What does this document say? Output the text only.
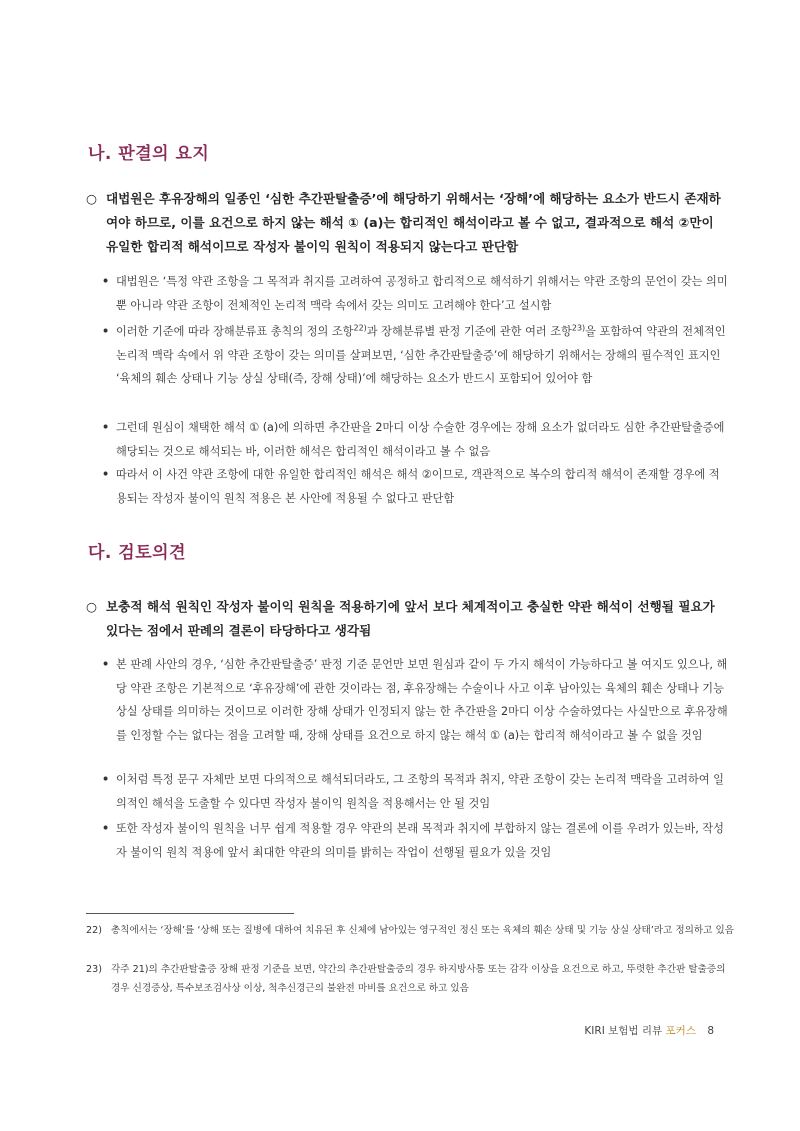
나. 판결의 요지
○ 대법원은 후유장해의 일종인 ‘심한 추간판탈출증’에 해당하기 위해서는 ‘장해’에 해당하는 요소가 반드시 존재하여야 하므로, 이를 요건으로 하지 않는 해석 ① (a)는 합리적인 해석이라고 볼 수 없고, 결과적으로 해석 ②만이 유일한 합리적 해석이므로 작성자 불이익 원칙이 적용되지 않는다고 판단함
• 대법원은 ‘특정 약관 조항을 그 목적과 취지를 고려하여 공정하고 합리적으로 해석하기 위해서는 약관 조항의 문언이 갖는 의미뿐 아니라 약관 조항이 전체적인 논리적 맥락 속에서 갖는 의미도 고려해야 한다’고 설시함
• 이러한 기준에 따라 장해분류표 총칙의 정의 조항$^{22)}$과 장해분류별 판정 기준에 관한 여러 조항$^{23)}$을 포함하여 약관의 전체적인 논리적 맥락 속에서 위 약관 조항이 갖는 의미를 살펴보면, ‘심한 추간판탈출증’에 해당하기 위해서는 장해의 필수적인 표지인 ‘육체의 훼손 상태나 기능 상실 상태(즉, 장해 상태)’에 해당하는 요소가 반드시 포함되어 있어야 함
• 그런데 원심이 채택한 해석 ① (a)에 의하면 추간판을 2마디 이상 수술한 경우에는 장해 요소가 없더라도 심한 추간판탈출증에 해당되는 것으로 해석되는 바, 이러한 해석은 합리적인 해석이라고 볼 수 없음
• 따라서 이 사건 약관 조항에 대한 유일한 합리적인 해석은 해석 ②이므로, 객관적으로 복수의 합리적 해석이 존재할 경우에 적용되는 작성자 불이익 원칙 적용은 본 사안에 적용될 수 없다고 판단함
다. 검토의견
○ 보충적 해석 원칙인 작성자 불이익 원칙을 적용하기에 앞서 보다 체계적이고 충실한 약관 해석이 선행될 필요가 있다는 점에서 판례의 결론이 타당하다고 생각됨
• 본 판례 사안의 경우, ‘심한 추간판탈출증’ 판정 기준 문언만 보면 원심과 같이 두 가지 해석이 가능하다고 볼 여지도 있으나, 해당 약관 조항은 기본적으로 ‘후유장해’에 관한 것이라는 점, 후유장해는 수술이나 사고 이후 남아있는 육체의 훼손 상태나 기능 상실 상태를 의미하는 것이므로 이러한 장해 상태가 인정되지 않는 한 추간판을 2마디 이상 수술하였다는 사실만으로 후유장해를 인정할 수는 없다는 점을 고려할 때, 장해 상태를 요건으로 하지 않는 해석 ① (a)는 합리적 해석이라고 볼 수 없을 것임
• 이처럼 특정 문구 자체만 보면 다의적으로 해석되더라도, 그 조항의 목적과 취지, 약관 조항이 갖는 논리적 맥락을 고려하여 일의적인 해석을 도출할 수 있다면 작성자 불이익 원칙을 적용해서는 안 될 것임
• 또한 작성자 불이익 원칙을 너무 쉽게 적용할 경우 약관의 본래 목적과 취지에 부합하지 않는 결론에 이를 우려가 있는바, 작성자 불이익 원칙 적용에 앞서 최대한 약관의 의미를 밝히는 작업이 선행될 필요가 있을 것임
22) 총칙에서는 ‘장해’를 ‘상해 또는 질병에 대하여 치유된 후 신체에 남아있는 영구적인 정신 또는 육체의 훼손 상태 및 기능 상실 상태’라고 정의하고 있음
23) 각주 21)의 추간판탈출증 장해 판정 기준을 보면, 약간의 추간판탈출증의 경우 하지방사통 또는 감각 이상을 요건으로 하고, 뚜렷한 추간판 탈출증의 경우 신경증상, 특수보조검사상 이상, 척추신경근의 불완전 마비를 요건으로 하고 있음
KIRI 보험법 리뷰 포커스 8
